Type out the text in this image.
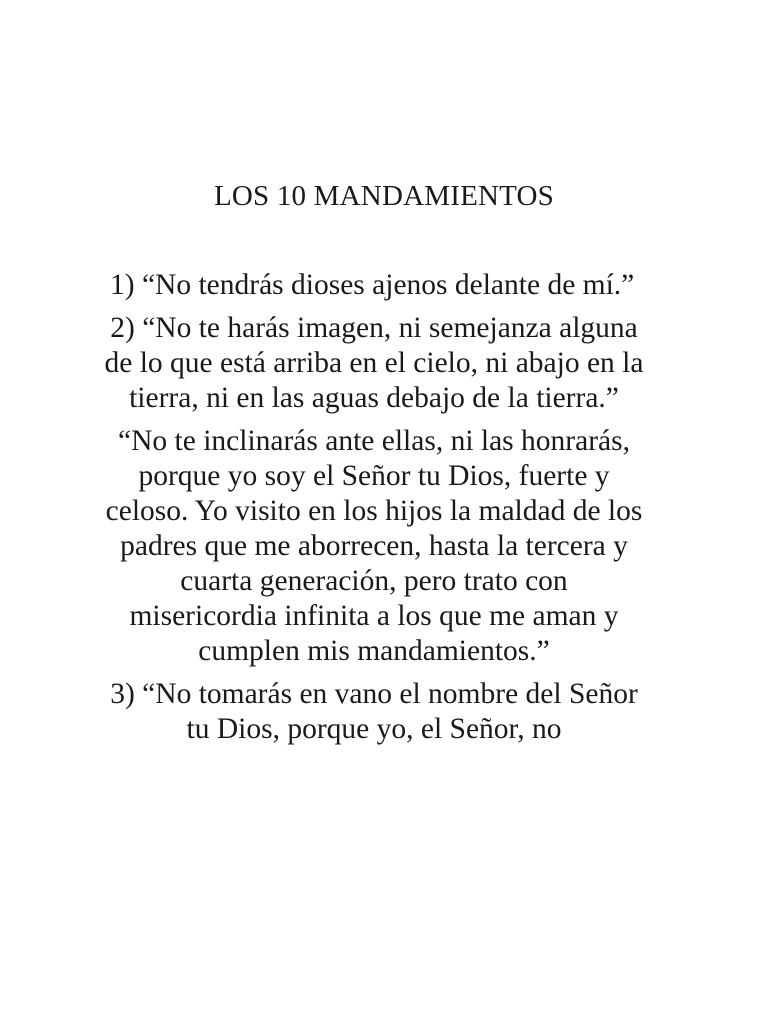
LOS 10 MANDAMIENTOS

1) “No tendrás dioses ajenos delante de mí.”

2) “No te harás imagen, ni semejanza alguna de lo que está arriba en el cielo, ni abajo en la tierra, ni en las aguas debajo de la tierra.”

“No te inclinarás ante ellas, ni las honrarás, porque yo soy el Señor tu Dios, fuerte y celoso. Yo visito en los hijos la maldad de los padres que me aborrecen, hasta la tercera y cuarta generación, pero trato con misericordia infinita a los que me aman y cumplen mis mandamientos.”

3) “No tomarás en vano el nombre del Señor tu Dios, porque yo, el Señor, no
